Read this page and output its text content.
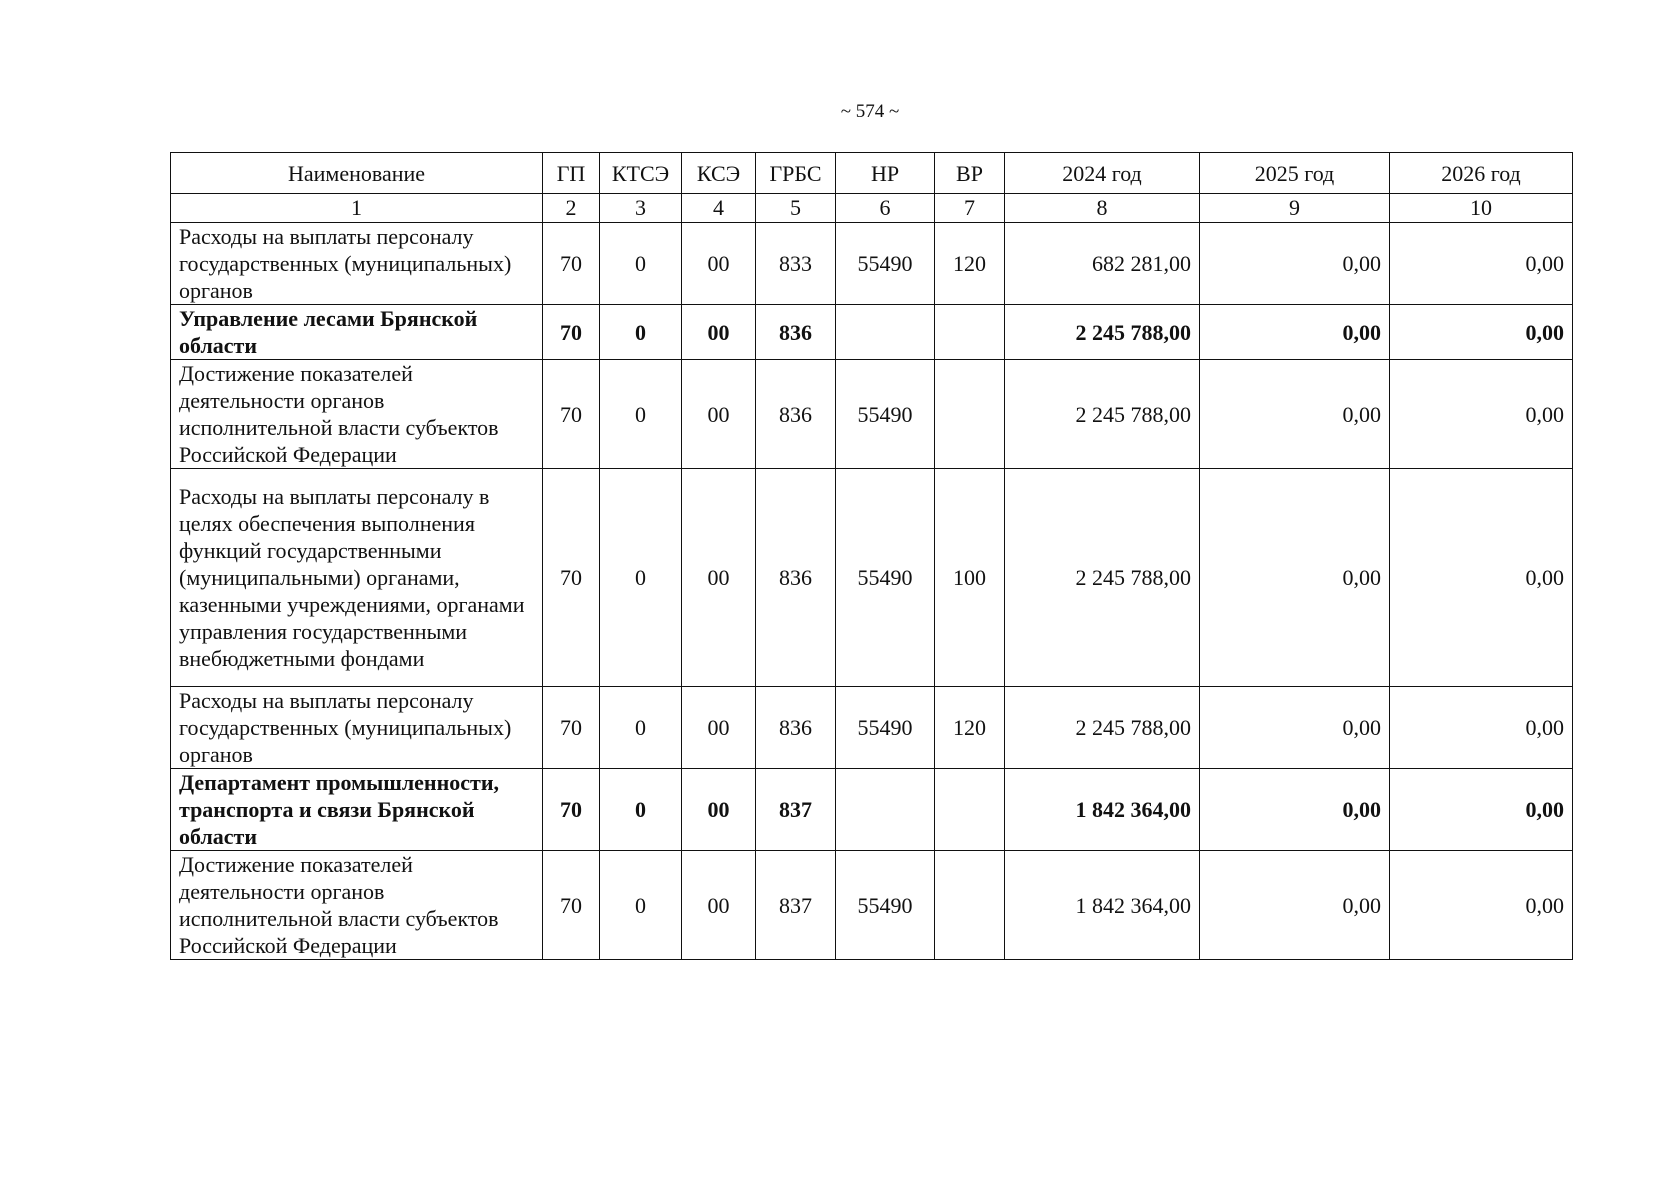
~ 574 ~
Наименование	ГП	КТСЭ	КСЭ	ГРБС	НР	ВР	2024 год	2025 год	2026 год
1	2	3	4	5	6	7	8	9	10
Расходы на выплаты персоналу государственных (муниципальных) органов	70	0	00	833	55490	120	682 281,00	0,00	0,00
Управление лесами Брянской области	70	0	00	836			2 245 788,00	0,00	0,00
Достижение показателей деятельности органов исполнительной власти субъектов Российской Федерации	70	0	00	836	55490		2 245 788,00	0,00	0,00
Расходы на выплаты персоналу в целях обеспечения выполнения функций государственными (муниципальными) органами, казенными учреждениями, органами управления государственными внебюджетными фондами	70	0	00	836	55490	100	2 245 788,00	0,00	0,00
Расходы на выплаты персоналу государственных (муниципальных) органов	70	0	00	836	55490	120	2 245 788,00	0,00	0,00
Департамент промышленности, транспорта и связи Брянской области	70	0	00	837			1 842 364,00	0,00	0,00
Достижение показателей деятельности органов исполнительной власти субъектов Российской Федерации	70	0	00	837	55490		1 842 364,00	0,00	0,00
